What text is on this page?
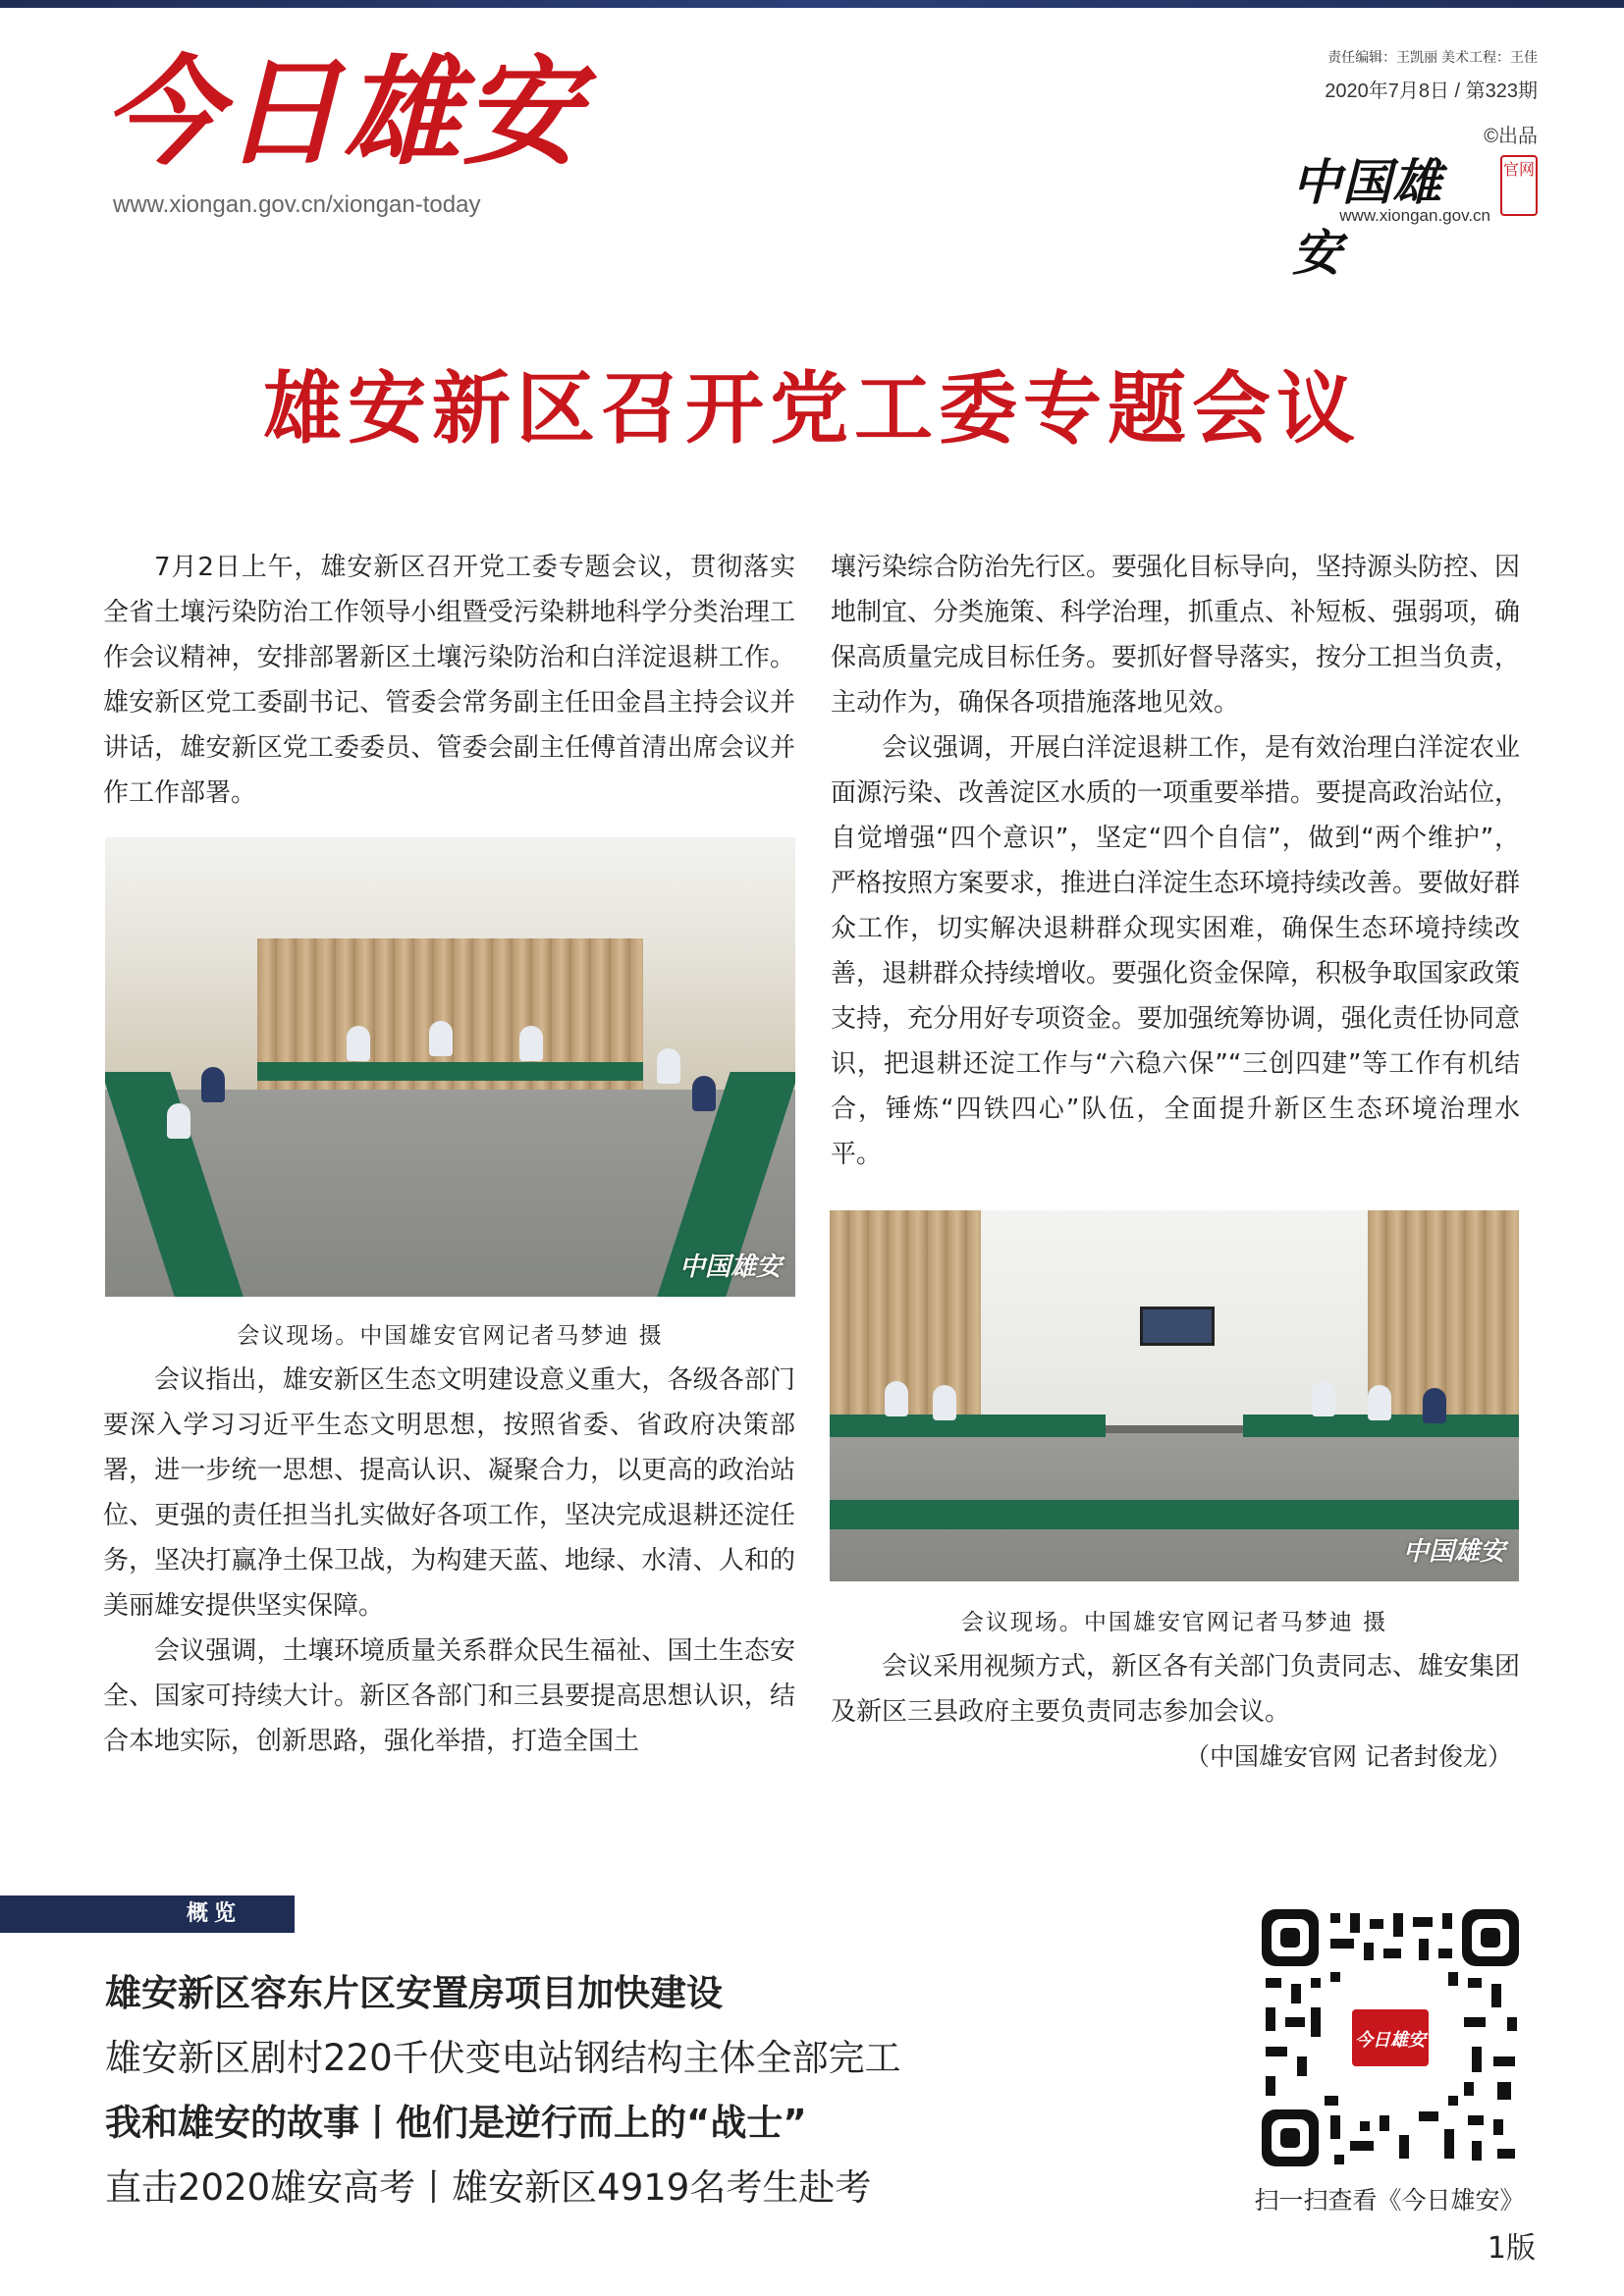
今日雄安
www.xiongan.gov.cn/xiongan-today
责任编辑：王凯丽 美术工程：王佳
2020年7月8日 / 第323期
©出品
中国雄安
官网
www.xiongan.gov.cn
雄安新区召开党工委专题会议

7月2日上午，雄安新区召开党工委专题会议，贯彻落实全省土壤污染防治工作领导小组暨受污染耕地科学分类治理工作会议精神，安排部署新区土壤污染防治和白洋淀退耕工作。雄安新区党工委副书记、管委会常务副主任田金昌主持会议并讲话，雄安新区党工委委员、管委会副主任傅首清出席会议并作工作部署。

中国雄安

会议现场。中国雄安官网记者马梦迪 摄

会议指出，雄安新区生态文明建设意义重大，各级各部门要深入学习习近平生态文明思想，按照省委、省政府决策部署，进一步统一思想、提高认识、凝聚合力，以更高的政治站位、更强的责任担当扎实做好各项工作，坚决完成退耕还淀任务，坚决打赢净土保卫战，为构建天蓝、地绿、水清、人和的美丽雄安提供坚实保障。

会议强调，土壤环境质量关系群众民生福祉、国土生态安全、国家可持续大计。新区各部门和三县要提高思想认识，结合本地实际，创新思路，强化举措，打造全国土

壤污染综合防治先行区。要强化目标导向，坚持源头防控、因地制宜、分类施策、科学治理，抓重点、补短板、强弱项，确保高质量完成目标任务。要抓好督导落实，按分工担当负责，主动作为，确保各项措施落地见效。

会议强调，开展白洋淀退耕工作，是有效治理白洋淀农业面源污染、改善淀区水质的一项重要举措。要提高政治站位，自觉增强“四个意识”，坚定“四个自信”，做到“两个维护”，严格按照方案要求，推进白洋淀生态环境持续改善。要做好群众工作，切实解决退耕群众现实困难，确保生态环境持续改善，退耕群众持续增收。要强化资金保障，积极争取国家政策支持，充分用好专项资金。要加强统筹协调，强化责任协同意识，把退耕还淀工作与“六稳六保”“三创四建”等工作有机结合，锤炼“四铁四心”队伍，全面提升新区生态环境治理水平。

中国雄安

会议现场。中国雄安官网记者马梦迪 摄

会议采用视频方式，新区各有关部门负责同志、雄安集团及新区三县政府主要负责同志参加会议。

（中国雄安官网 记者封俊龙）

概览

雄安新区容东片区安置房项目加快建设

雄安新区剧村220千伏变电站钢结构主体全部完工

我和雄安的故事丨他们是逆行而上的“战士”

直击2020雄安高考丨雄安新区4919名考生赴考

今日雄安
扫一扫查看《今日雄安》
1版
